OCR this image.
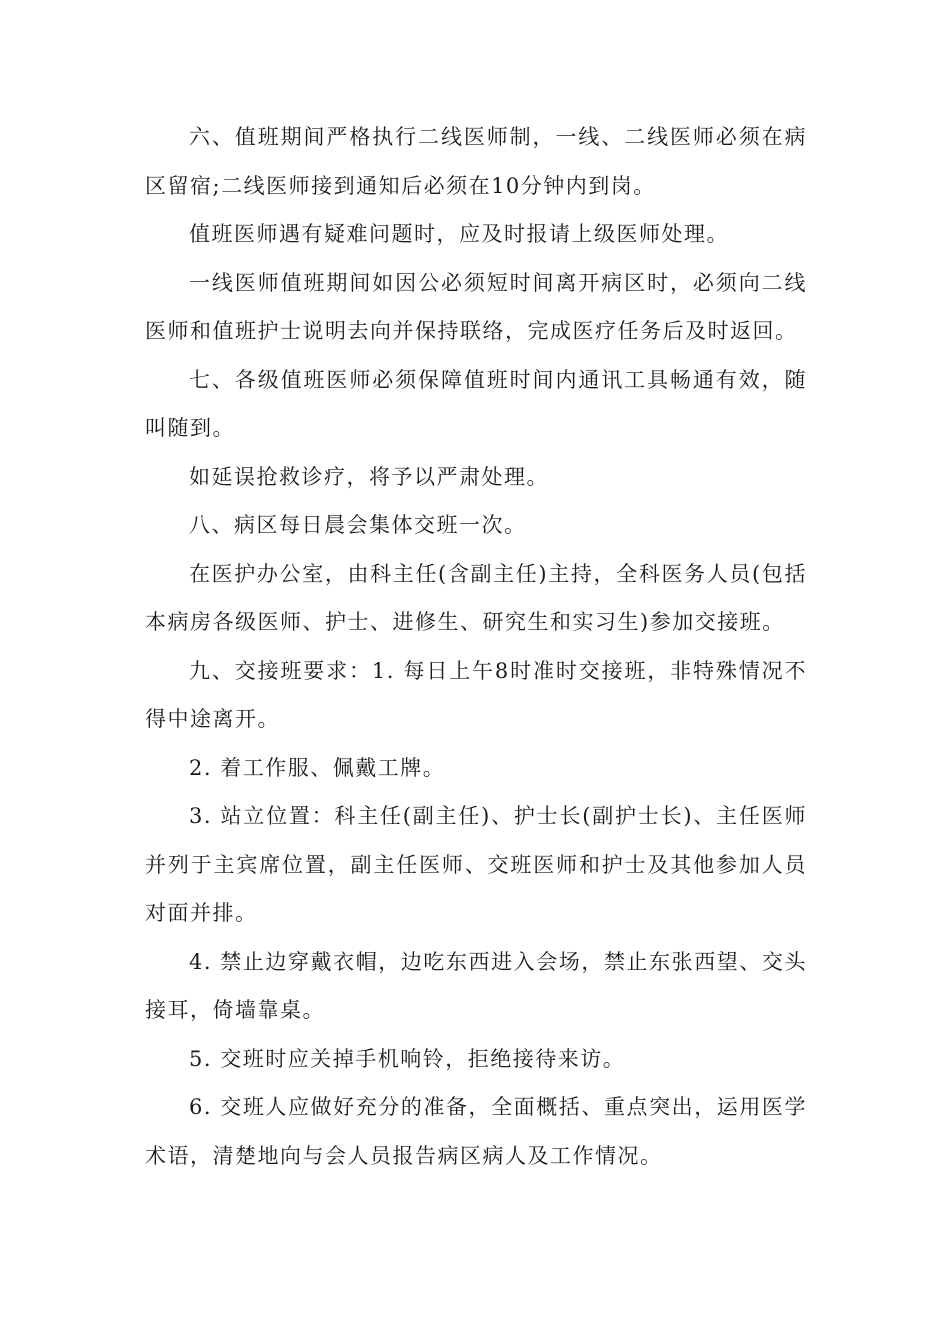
六、值班期间严格执行二线医师制，一线、二线医师必须在病区留宿;二线医师接到通知后必须在10分钟内到岗。

值班医师遇有疑难问题时，应及时报请上级医师处理。

一线医师值班期间如因公必须短时间离开病区时，必须向二线医师和值班护士说明去向并保持联络，完成医疗任务后及时返回。

七、各级值班医师必须保障值班时间内通讯工具畅通有效，随叫随到。

如延误抢救诊疗，将予以严肃处理。

八、病区每日晨会集体交班一次。

在医护办公室，由科主任(含副主任)主持，全科医务人员(包括本病房各级医师、护士、进修生、研究生和实习生)参加交接班。

九、交接班要求：1. 每日上午8时准时交接班，非特殊情况不得中途离开。

2. 着工作服、佩戴工牌。

3. 站立位置：科主任(副主任)、护士长(副护士长)、主任医师并列于主宾席位置，副主任医师、交班医师和护士及其他参加人员对面并排。

4. 禁止边穿戴衣帽，边吃东西进入会场，禁止东张西望、交头接耳，倚墙靠桌。

5. 交班时应关掉手机响铃，拒绝接待来访。

6. 交班人应做好充分的准备，全面概括、重点突出，运用医学术语，清楚地向与会人员报告病区病人及工作情况。
